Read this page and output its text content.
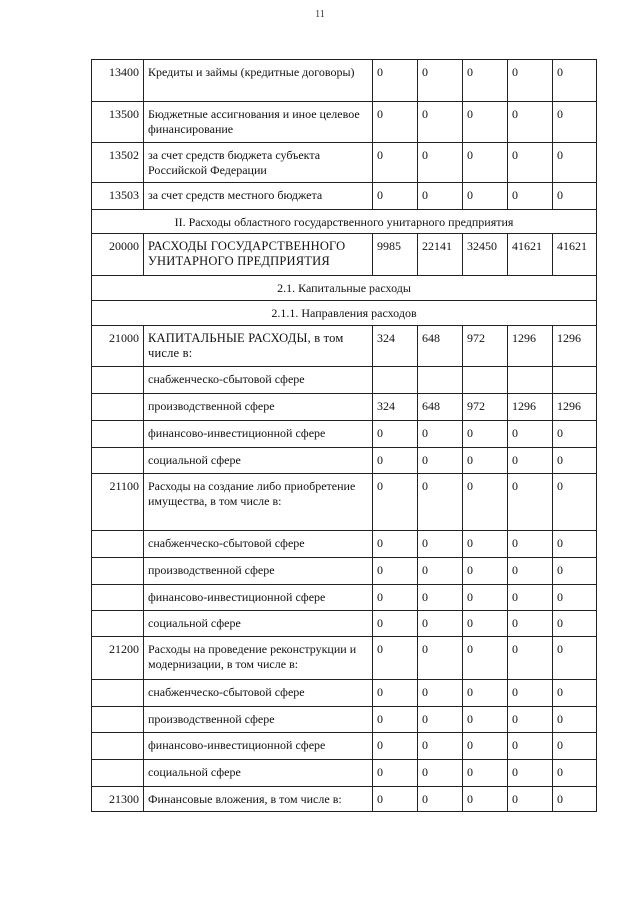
11
13400	Кредиты и займы (кредитные договоры)	0	0	0	0	0
13500	Бюджетные ассигнования и иное целевое финансирование	0	0	0	0	0
13502	за счет средств бюджета субъекта Российской Федерации	0	0	0	0	0
13503	за счет средств местного бюджета	0	0	0	0	0
II. Расходы областного государственного унитарного предприятия						
20000	РАСХОДЫ ГОСУДАРСТВЕННОГО УНИТАРНОГО ПРЕДПРИЯТИЯ	9985	22141	32450	41621	41621
2.1. Капитальные расходы						
2.1.1. Направления расходов						
21000	КАПИТАЛЬНЫЕ РАСХОДЫ, в том числе в:	324	648	972	1296	1296
	снабженческо-сбытовой сфере					
	производственной сфере	324	648	972	1296	1296
	финансово-инвестиционной сфере	0	0	0	0	0
	социальной сфере	0	0	0	0	0
21100	Расходы на создание либо приобретение имущества, в том числе в:	0	0	0	0	0
	снабженческо-сбытовой сфере	0	0	0	0	0
	производственной сфере	0	0	0	0	0
	финансово-инвестиционной сфере	0	0	0	0	0
	социальной сфере	0	0	0	0	0
21200	Расходы на проведение реконструкции и модернизации, в том числе в:	0	0	0	0	0
	снабженческо-сбытовой сфере	0	0	0	0	0
	производственной сфере	0	0	0	0	0
	финансово-инвестиционной сфере	0	0	0	0	0
	социальной сфере	0	0	0	0	0
21300	Финансовые вложения, в том числе в:	0	0	0	0	0
